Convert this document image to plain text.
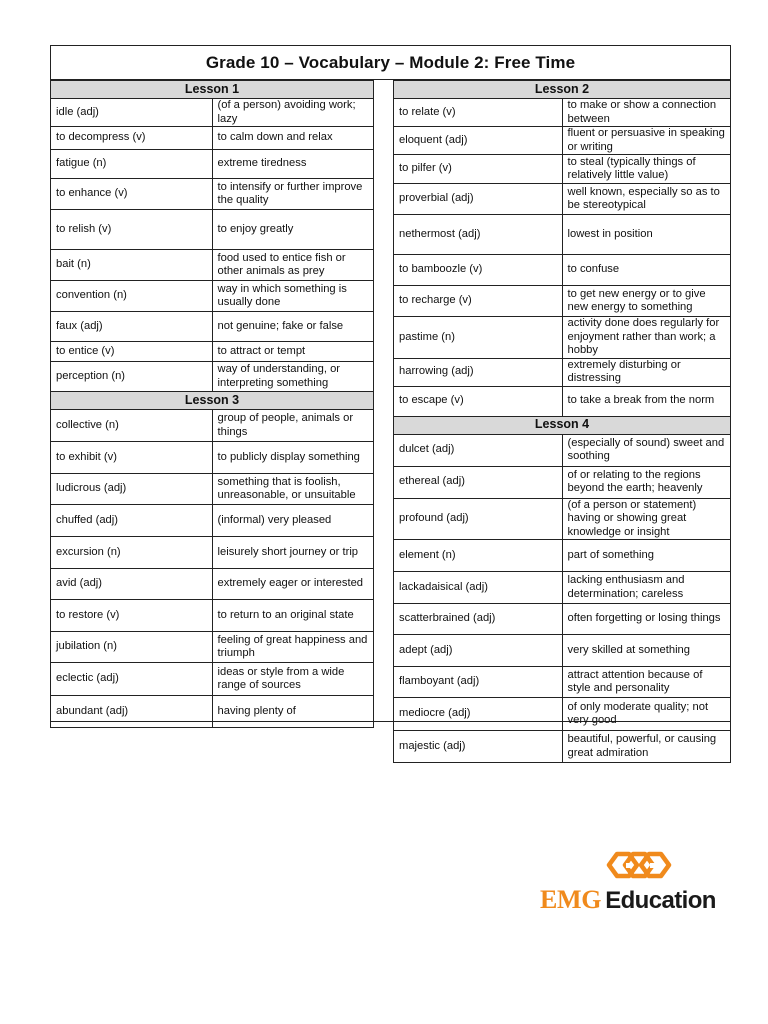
Grade 10 – Vocabulary – Module 2: Free Time
Lesson 1	
idle (adj)	(of a person) avoiding work; lazy
to decompress (v)	to calm down and relax
fatigue (n)	extreme tiredness
to enhance (v)	to intensify or further improve the quality
to relish (v)	to enjoy greatly
bait (n)	food used to entice fish or other animals as prey
convention (n)	way in which something is usually done
faux (adj)	not genuine; fake or false
to entice (v)	to attract or tempt
perception (n)	way of understanding, or interpreting something
Lesson 3	
collective (n)	group of people, animals or things
to exhibit (v)	to publicly display something
ludicrous (adj)	something that is foolish, unreasonable, or unsuitable
chuffed (adj)	(informal) very pleased
excursion (n)	leisurely short journey or trip
avid (adj)	extremely eager or interested
to restore (v)	to return to an original state
jubilation (n)	feeling of great happiness and triumph
eclectic (adj)	ideas or style from a wide range of sources
abundant (adj)	having plenty of
Lesson 2	
to relate (v)	to make or show a connection between
eloquent (adj)	fluent or persuasive in speaking or writing
to pilfer (v)	to steal (typically things of relatively little value)
proverbial (adj)	well known, especially so as to be stereotypical
nethermost (adj)	lowest in position
to bamboozle (v)	to confuse
to recharge (v)	to get new energy or to give new energy to something
pastime (n)	activity done does regularly for enjoyment rather than work; a hobby
harrowing (adj)	extremely disturbing or distressing
to escape (v)	to take a break from the norm
Lesson 4	
dulcet (adj)	(especially of sound) sweet and soothing
ethereal (adj)	of or relating to the regions beyond the earth; heavenly
profound (adj)	(of a person or statement) having or showing great knowledge or insight
element (n)	part of something
lackadaisical (adj)	lacking enthusiasm and determination; careless
scatterbrained (adj)	often forgetting or losing things
adept (adj)	very skilled at something
flamboyant (adj)	attract attention because of style and personality
mediocre (adj)	of only moderate quality; not very good
majestic (adj)	beautiful, powerful, or causing great admiration
EMG Education
